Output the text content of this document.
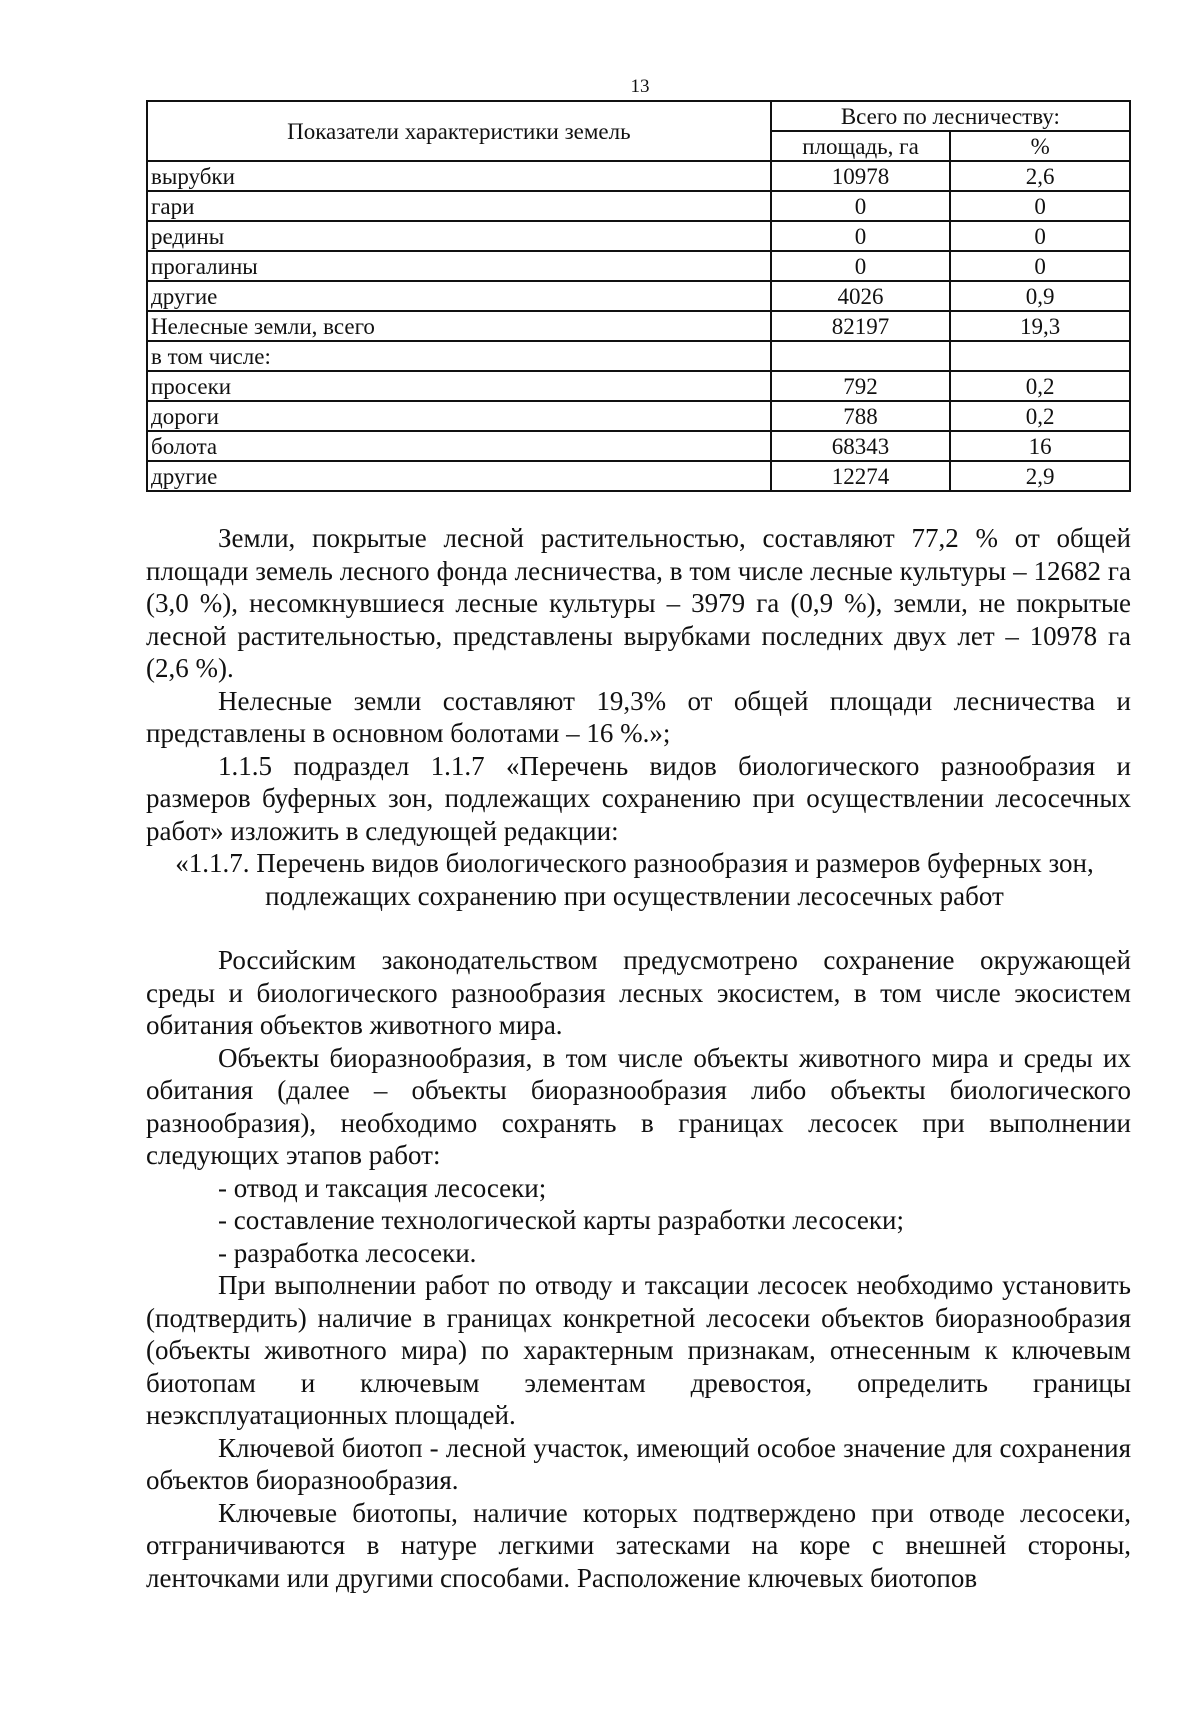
13
Показатели характеристики земель	Всего по лесничеству:	
	площадь, га	%
вырубки	10978	2,6
гари	0	0
редины	0	0
прогалины	0	0
другие	4026	0,9
Нелесные земли, всего	82197	19,3
в том числе:		
просеки	792	0,2
дороги	788	0,2
болота	68343	16
другие	12274	2,9

Земли, покрытые лесной растительностью, составляют 77,2 % от общей площади земель лесного фонда лесничества, в том числе лесные культуры – 12682 га (3,0 %), несомкнувшиеся лесные культуры – 3979 га (0,9 %), земли, не покрытые лесной растительностью, представлены вырубками последних двух лет – 10978 га (2,6 %).

Нелесные земли составляют 19,3% от общей площади лесничества и представлены в основном болотами – 16 %.»;

1.1.5 подраздел 1.1.7 «Перечень видов биологического разнообразия и размеров буферных зон, подлежащих сохранению при осуществлении лесосечных работ» изложить в следующей редакции:

«1.1.7. Перечень видов биологического разнообразия и размеров буферных зон,

подлежащих сохранению при осуществлении лесосечных работ

Российским законодательством предусмотрено сохранение окружающей среды и биологического разнообразия лесных экосистем, в том числе экосистем обитания объектов животного мира.

Объекты биоразнообразия, в том числе объекты животного мира и среды их обитания (далее – объекты биоразнообразия либо объекты биологического разнообразия), необходимо сохранять в границах лесосек при выполнении следующих этапов работ:

- отвод и таксация лесосеки;

- составление технологической карты разработки лесосеки;

- разработка лесосеки.

При выполнении работ по отводу и таксации лесосек необходимо установить (подтвердить) наличие в границах конкретной лесосеки объектов биоразнообразия (объекты животного мира) по характерным признакам, отнесенным к ключевым биотопам и ключевым элементам древостоя, определить границы неэксплуатационных площадей.

Ключевой биотоп - лесной участок, имеющий особое значение для сохранения объектов биоразнообразия.

Ключевые биотопы, наличие которых подтверждено при отводе лесосеки, отграничиваются в натуре легкими затесками на коре с внешней стороны, ленточками или другими способами. Расположение ключевых биотопов
